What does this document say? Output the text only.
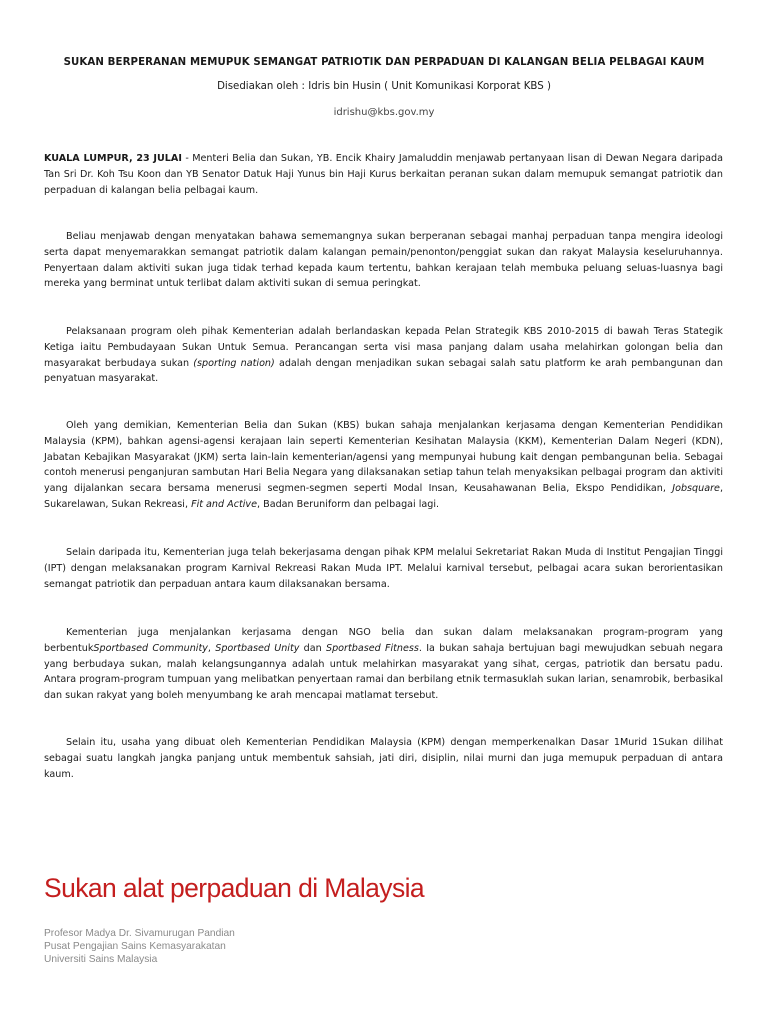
SUKAN BERPERANAN MEMUPUK SEMANGAT PATRIOTIK DAN PERPADUAN DI KALANGAN BELIA PELBAGAI KAUM
Disediakan oleh : Idris bin Husin ( Unit Komunikasi Korporat KBS )
idrishu@kbs.gov.my

KUALA LUMPUR, 23 JULAI - Menteri Belia dan Sukan, YB. Encik Khairy Jamaluddin menjawab pertanyaan lisan di Dewan Negara daripada Tan Sri Dr. Koh Tsu Koon dan YB Senator Datuk Haji Yunus bin Haji Kurus berkaitan peranan sukan dalam memupuk semangat patriotik dan perpaduan di kalangan belia pelbagai kaum.

Beliau menjawab dengan menyatakan bahawa sememangnya sukan berperanan sebagai manhaj perpaduan tanpa mengira ideologi serta dapat menyemarakkan semangat patriotik dalam kalangan pemain/penonton/penggiat sukan dan rakyat Malaysia keseluruhannya. Penyertaan dalam aktiviti sukan juga tidak terhad kepada kaum tertentu, bahkan kerajaan telah membuka peluang seluas-luasnya bagi mereka yang berminat untuk terlibat dalam aktiviti sukan di semua peringkat.

Pelaksanaan program oleh pihak Kementerian adalah berlandaskan kepada Pelan Strategik KBS 2010-2015 di bawah Teras Stategik Ketiga iaitu Pembudayaan Sukan Untuk Semua. Perancangan serta visi masa panjang dalam usaha melahirkan golongan belia dan masyarakat berbudaya sukan (sporting nation) adalah dengan menjadikan sukan sebagai salah satu platform ke arah pembangunan dan penyatuan masyarakat.

Oleh yang demikian, Kementerian Belia dan Sukan (KBS) bukan sahaja menjalankan kerjasama dengan Kementerian Pendidikan Malaysia (KPM), bahkan agensi-agensi kerajaan lain seperti Kementerian Kesihatan Malaysia (KKM), Kementerian Dalam Negeri (KDN), Jabatan Kebajikan Masyarakat (JKM) serta lain-lain kementerian/agensi yang mempunyai hubung kait dengan pembangunan belia. Sebagai contoh menerusi penganjuran sambutan Hari Belia Negara yang dilaksanakan setiap tahun telah menyaksikan pelbagai program dan aktiviti yang dijalankan secara bersama menerusi segmen-segmen seperti Modal Insan, Keusahawanan Belia, Ekspo Pendidikan, Jobsquare, Sukarelawan, Sukan Rekreasi, Fit and Active, Badan Beruniform dan pelbagai lagi.

Selain daripada itu, Kementerian juga telah bekerjasama dengan pihak KPM melalui Sekretariat Rakan Muda di Institut Pengajian Tinggi (IPT) dengan melaksanakan program Karnival Rekreasi Rakan Muda IPT. Melalui karnival tersebut, pelbagai acara sukan berorientasikan semangat patriotik dan perpaduan antara kaum dilaksanakan bersama.

Kementerian juga menjalankan kerjasama dengan NGO belia dan sukan dalam melaksanakan program-program yang berbentukSportbased Community, Sportbased Unity dan Sportbased Fitness. Ia bukan sahaja bertujuan bagi mewujudkan sebuah negara yang berbudaya sukan, malah kelangsungannya adalah untuk melahirkan masyarakat yang sihat, cergas, patriotik dan bersatu padu. Antara program-program tumpuan yang melibatkan penyertaan ramai dan berbilang etnik termasuklah sukan larian, senamrobik, berbasikal dan sukan rakyat yang boleh menyumbang ke arah mencapai matlamat tersebut.

Selain itu, usaha yang dibuat oleh Kementerian Pendidikan Malaysia (KPM) dengan memperkenalkan Dasar 1Murid 1Sukan dilihat sebagai suatu langkah jangka panjang untuk membentuk sahsiah, jati diri, disiplin, nilai murni dan juga memupuk perpaduan di antara kaum.

Sukan alat perpaduan di Malaysia
Profesor Madya Dr. Sivamurugan Pandian
Pusat Pengajian Sains Kemasyarakatan
Universiti Sains Malaysia
